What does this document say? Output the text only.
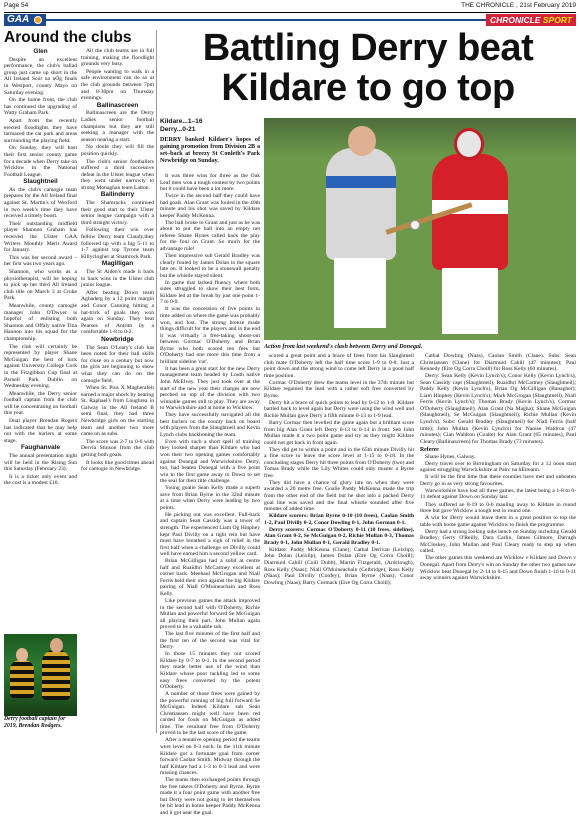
Page 54	THE CHRONICLE , 21st February 2019
GAA	CHRONICLE SPORT
Around the clubs
Glen

Despite an excellent performance, the club's ballad group just came up short in the All Ireland Scór na nÓg finals in Westport, county Mayo on Saturday evening.

On the home front, the club has continued the upgrading of Watty Graham Park.

Apart from the recently erected floodlights they have tarmaced the car park and areas surrounding the playing field.

On Sunday, they will host their first senior county game for a decade when Derry take on Wicklow in the National Football League.

Slaughtneil

As the club's camogie team prepares for the All Ireland final against St. Martin's of Wexford in two week's time they have received a timely boost.

Their outstanding midfield player Shannon Graham has received the Ulster GAA Writers Monthly Merit Award for January.

This was her second award – her first was two years ago.

Shannon, who works as a physiotherapist, will be hoping to pick up her third All Ireland club title on March 3 at Croke Park.

Meanwhile, county camogie manager John O'Dwyer is hopeful of enlisting both Shannon and Offaly native Tina Hannon into his squad for the championship.

The club will certainly be represented by player Shane McGuigan the best of luck against Universtiy College Cork in the Fitzgibbon Cup final at Parnell Park Dublin on Wednesday evening.

Meanwhile, the Derry senior football captain from the club will be concentrating on football this year.

Dual player Brendan Rogers has indicated that he may help out with the hurlers at some stage.

Faughanvale

The annual presentation night will be held in the Rising Sun this Saturday (February 23).

It is a ticket only event and the cost is a modest £10.

All the club teams are in full training, making the floodlight grounds very busy.

People wanting to walk in a safe environment can do so at the club grounds between 7pm and 8-30pm on Thursday evenings.

Ballinascreen

Ballinascreen are the Derry Ladies senior football champions but they are still seeking a manager with the season nearing a start.

No doubt they will fill the position quickly.

The club's senior footballers suffered a third successive defeat in the Ulster league when they went under narrowly to strong Monaghan team Latton.

Ballinderry

The Shamrocks continued their good start to their Ulster senior league campaign with a third straight victory.

Following their win over fellow Derry team Claudy,they followed up with a big 5-11 to 1-7 against top Tyrone team Killyclogher at Shamrock Park.

Magilligan

The St Aiden's made it back to back wins in the Ulster club junior league.

After beating Down team Aghaderg by a 12 point margin and Conor Canning hitting a hat-trick of goals they won again on Sunday. They beat Pearses of Antrim by a comfortable 1-8 to 0-2.

Newbridge

The Sean O'Leary's club has been noted for their ball skills for close on a century but now the girls are beginning to show what they can do on the camogie field.

When St. Pius X Magherafelt earned a major shock by beating St. Raphael's from Loughrea in Galway in the All Ireland B semi final, they had three Newbridge girls on the starting team and another two more came on as subs.

The score was 2-7 to 0-6 with Dervla Stinson from the club getting both goals.

It looks like good times ahead for camogie in Newbridge.

Derry football captain for 2019, Brendan Rodgers.
Battling Derry beat Kildare to go top
Kildare...1–16
Derry...0-21
DERRY banked Kildare's hopes of gaining promotion from Division 2B a set–back at breezy St Conleth's Park Newbridge on Sunday.

It was three wins for three as the Oak Leaf men won a tough contest by two points but it could have been a lot more.

Twice in the second half they could have had goals. Alan Grant was fouled in the 40th minute and his shot was saved by Kildare keeper Paddy McKenna.

The ball broke to Grant and just as he was about to put the ball into an empty net referee Shane Hynes called back the play for the foul on Grant. So much for the advantage rule!

Then impressive sub Gerald Bradley was clearly fouled by James Dolan in the square late on. It looked to be a stonewall penalty but the whistle stayed silent.

In game that lacked fluency where both sides struggled to show their best form, Kildare led at the break by just one point 1-7 to 0-9.

It was the concession of five points in time added on where the game was probably won, and lost. The strong breeze made things difficult for the players and in the end it was virtually a free-taking shoot-out between Gormac O'Doherty and Brian Byrne who both scored ten fees but O'Doherty had one more this time from a brilliant sideline 'cut'.

It has been a great start for the new Derry management team headed by Louth native John McElvey. They just took over at the start of the new year their charges are now perched on top of the division with two winnable games still to play. They are away to Warwickshire and at home to Wicklow.

They have successfully navigated all the best hurlers on the county back on board with players from the Slaughtneil and Kevin Lynch clubs backboning the team.

Even with such a short spell of training they looked sharper than Kildare who had won their two opening games comfortably against Donegal and Warwickshire. Derry, too, had beaten Donegal with a five point win in the first game away to Down to set the seal for their title challenge.

Young goalie Sean Kelly made a superb save from Brian Byrne in the 32nd minute at a time when Derry were leading by two points.

He picking out was excellent. Full-back and captain Sean Cassidy was a tower of strength. The experienced Liam Og Hinphey kept Paul Divilly on a tight rein but have must have breathed a sigh of relief in the first half when a challenge on Divilly could well have earned him a second yellow card.

Brian McGilligan had a solid at centre half and Ruaidhri McCartney excellent at corner back. Meehaul McGrogan and Niall Ferris held their own against the big Kildare pairing of Niall O'Muineachain and Ross Kelly.

Like previous games the attack improved in the second half with O'Doherty, Richie Mullan and powerful forward Se McGuigan all playing their part. John Mullan again proved to be a valuable sub.

The last five minutes of the first half and the first ten of the second was vital for Derry.

In those 15 minutes they out scored Kildare by 0-7 to 0-1. In the second period they made better use of the wind than Kildare whose poor tackling led to some easy frees converted by the potent O'Doherty.

A number of those frees were gained by the powerful running of big full forward Se McGuigan. Indeed Kildare sub Seán Christiansen might well have been red carded for fouls on McGuigan as added time. The resultant free from O'Doherty proved to be the last score of the game.

After a tentative opening period the teams were level on 0-3 each. In the 11th minute Kildare got a fortunate goal from corner forward Caolan Smith. Midway through the half Kildare had a 1-3 to 0-3 lead and were missing chances.

The teams then exchanged points through the free takers O'Doherty and Byrne. Byrne made it a four point game with another free but Derry were not going to let themselves be hit lead in home keeper Paddy McKenna and it got near the goal.

Action from last weekend's clash between Derry and Donegal.

scored a great point and a brace of frees from his Slaughtneil club mate O'Doherty left the half time score 1-9 to 0-8. Just a point down and the strong wind to come left Derry in a good half time position.

Cormac O'Doherty drew the teams level in the 37th minute but Kildare regained the lead with a rather soft free converted by Byrne.

Derry hit a brace of quick points to lead by 0-12 to 1-8. Kildare battled back to level again but Derry were using the wind well and Richie Mullan gave Derry a fifth minute 0-13 to 1-9 lead.

Barry Cormac then levelled the game again but a brilliant score from big Alan Grant left Derry 0-13 to 0-14 in front. Seb John Mullan made it a two point game and try as they might Kildare could not get back in front again.

They did get to within a point and in the 65th minute Divilly hit a fine score to leave the score level at 1-15 to 0-18. In the concluding stages Derry hit three points from O'Doherty (two) and Tomas Brady while the Lily Whites could only muster a Byrne free.

They did have a chance of glory late on when they were awarded a 20 metre free. Goalie Paddy McKenna made the trip from the other end of the field but he shot into a packed Derry goal line was saved and the final whistle sounded after five minutes of added time.

Kildare scorers: Brian Byrne 0-10 (10 frees), Caolan Smith 1-2, Paul Divilly 0-2, Conor Dowling 0-1, John Gorman 0-1.

Derry scorers: Cormac O'Doherty 0-11 (10 frees, sideline), Alan Grant 0-2, Se McGuigan 0-2, Richie Mullan 0-3, Thomas Brady 0-1, John Mullan 0-1, Gerald Bradley 0-1.

Kildare: Paddy McKenna (Clane); Cathal Derivan (Leixlip), John Dolan (Leixlip), James Dolan (Eire Og Corra Choill); Diarmuid Cahill (Coill Dubh), Martin Fitzgerald, (Ardclough), Ross Kelly (Naas); Niall O'Muineachain (Celbridge), Ross Kelly (Naas); Paul Divilly (Confey), Brian Byrne (Naas), Conor Dowling (Naas); Barry Cormack (Eire Og Corra Choill);

Cathal Dowling (Naas), Caolan Smith (Clane). Subs: Sean Christiansen (Clane) for Diarmuid Cahill (47 minutes); Paul Kennedy (Eire Og Corra Choill) for Ross Kelly (60 minutes).

Derry: Sean Kelly (Kevin Lynch's); Conor Kelly (Kevin Lynch's), Sean Cassidy capt (Slaughtneil), Ruaidhri McCartney (Slaughtneil); Paddy Kelly (Kevin Lynch's), Brian Og McGilligan (Banagher); Liam Hinphey (Kevin Lynch's); Mark McGrogan (Slaughtneil), Niall Ferris (Kevin Lynch's); Thomas Brady (Kevin Lynch's), Cormac O'Doherty (Slaughtneil), Alan Grant (Na Magha); Shane McGuigan (Slaughtneil), Se McGuigan (Slaughtneil), Richie Mullan (Kevin Lynch's). Subs: Gerald Bradley (Slaughtneil) for Niall Ferris (half time); John Mullan (Kevin Lynch's) for Naoise Waldron (47 minutes); Cian Waldron (Coalte) for Alan Grant (65 minutes), Paul Cleary (Ballinascreen) for Thomas Brady (73 minutes).

Referee

Shane Hynes, Galway.

Derry travel over to Birmingham on Saturday for a 12 noon start against struggling Warwickshire at Pairc na hEireann.

It will be the first time that these counties have met and unbeaten Derry go in as very strong favourites.

Warwickshire have lost all three games, the latest being a 1-8 to 0-11 defeat against Down on Sunday last.

They suffered an 8-19 to 0-6 mauling away to Kildare in round three but gave Wicklow a tough test in round one.

A win for Derry would leave them in a great position to top the table with home game against Wicklow to finish the programme.

Derry had a strong looking subs bench on Sunday including Gerald Bradley, Gerry O'Reilly, Dara Carlin, James Gilmore, Darragh McCloskey, John Mullan and Paul Cleary ready to step up when called.

The other games this weekend are Wicklow v Kildare and Down v Donegal. Apart from Derry's win on Sunday the other two games saw Wicklow beat Donegal by 2-14 to 0-15 and Down finish 1-16 to 0-11 away winners against Warwickshire.
